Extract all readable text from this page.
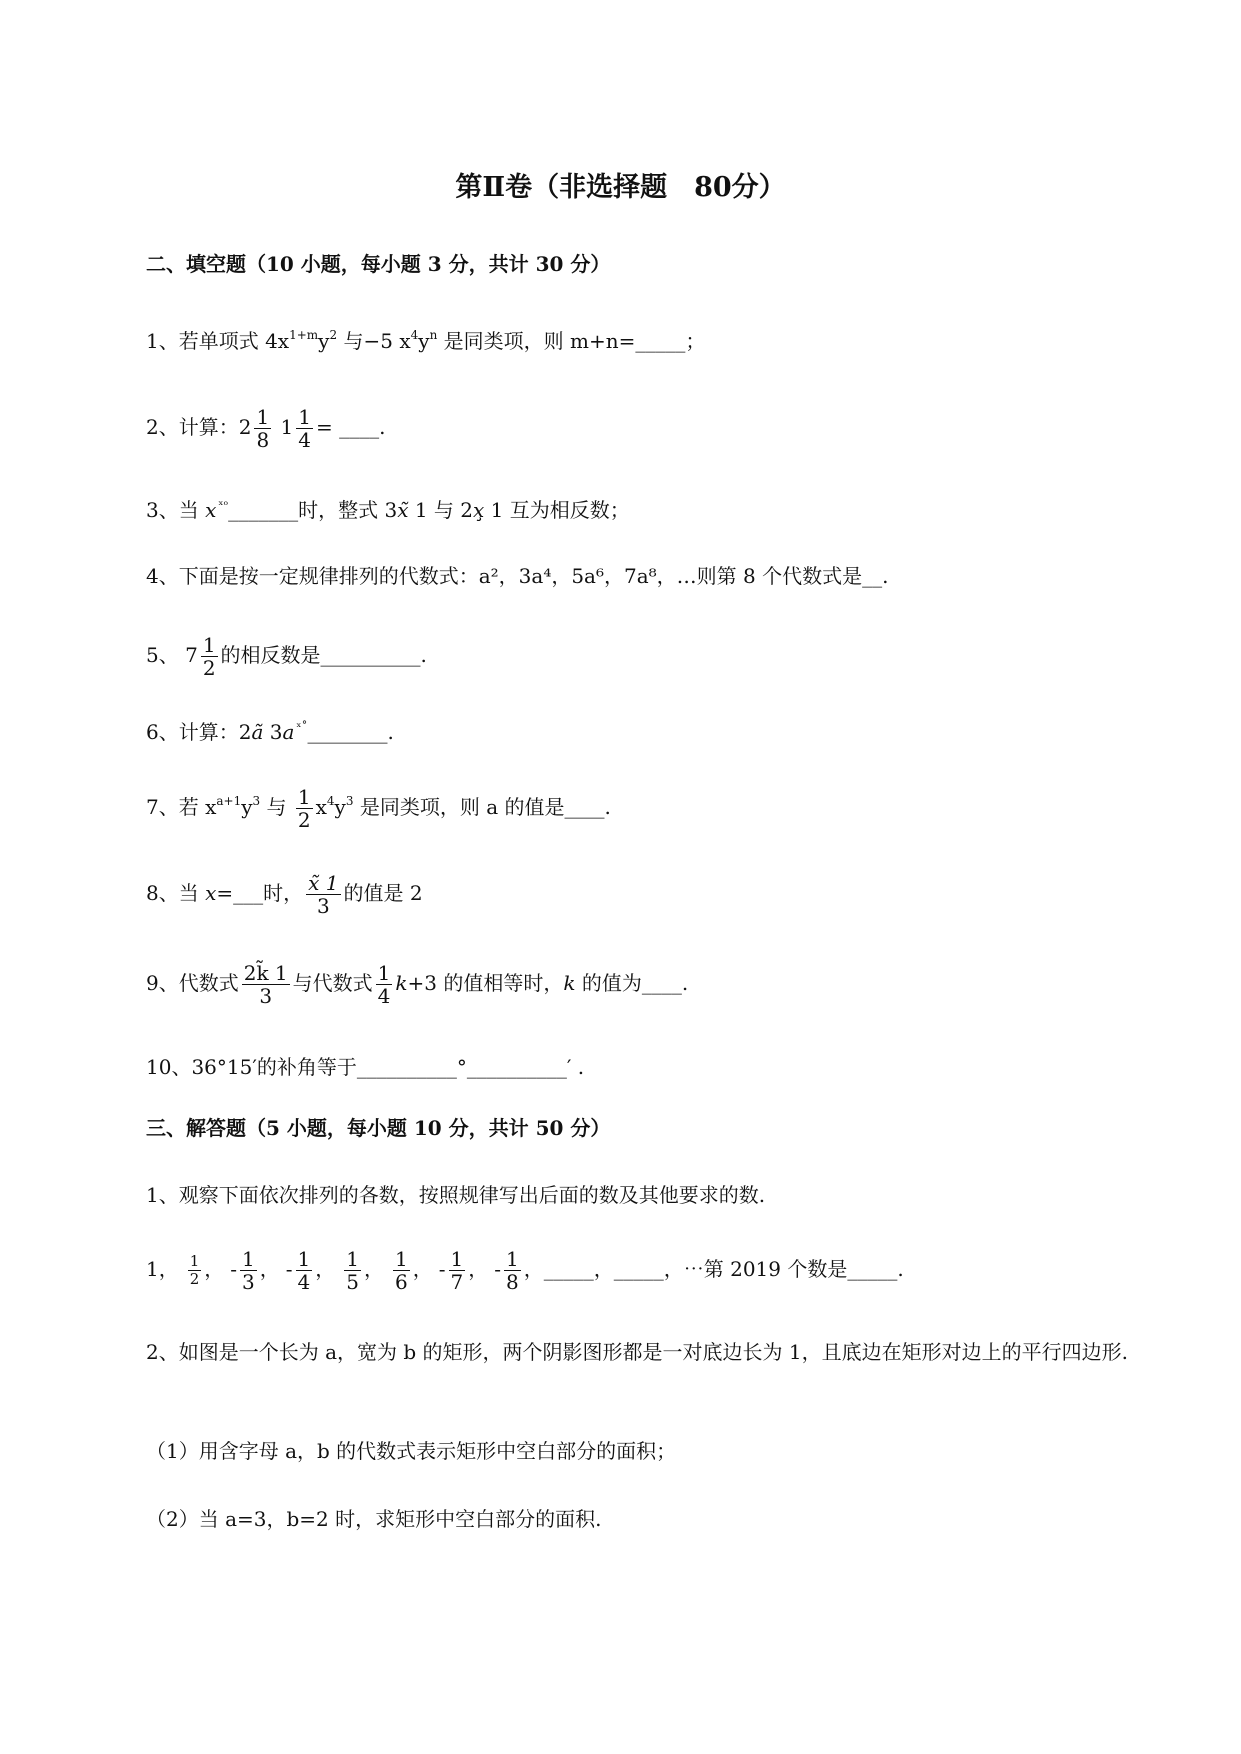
第Ⅱ卷（非选择题　80分）
二、填空题（10 小题，每小题 3 分，共计 30 分）
1、若单项式 $4x^{1+m}y^2$ 与−5 $x^4y^n$ 是同类项，则 m+n=_____；
2、计算：$2 \frac{1}{8} 1 \frac{1}{4}$ = ____.
3、当 x $^{ˣᵒ}$_______时，整式 3x̃ 1 与 2x̧ 1 互为相反数；
4、下面是按一定规律排列的代数式：a²，3a⁴，5a⁶，7a⁸，…则第 8 个代数式是__.
5、 $7 \frac{1}{2}$ 的相反数是__________.
6、计算：2ã 3a $^{ˣ˚}$________.
7、若 $x^{a+1}y^3$ 与 $\frac{1}{2} x^4y^3$ 是同类项，则 a 的值是____.
8、当 x=___时， $\frac{x̃ 1}{3}$ 的值是 2
9、代数式 $\frac{2k̃ 1}{3}$ 与代数式 $\frac{1}{4} k+3$ 的值相等时，k 的值为____.
10、36°15′的补角等于__________°__________′ .
三、解答题（5 小题，每小题 10 分，共计 50 分）
1、观察下面依次排列的各数，按照规律写出后面的数及其他要求的数.
1， $\frac{1}{2}$ ， - $\frac{1}{3}$ ， - $\frac{1}{4}$ ， $\frac{1}{5}$ ， $\frac{1}{6}$ ， - $\frac{1}{7}$ ， - $\frac{1}{8}$ ，_____，_____，⋯第 2019 个数是_____.
2、如图是一个长为 a，宽为 b 的矩形，两个阴影图形都是一对底边长为 1，且底边在矩形对边上的平行四边形.
（1）用含字母 a，b 的代数式表示矩形中空白部分的面积；
（2）当 a=3，b=2 时，求矩形中空白部分的面积.
